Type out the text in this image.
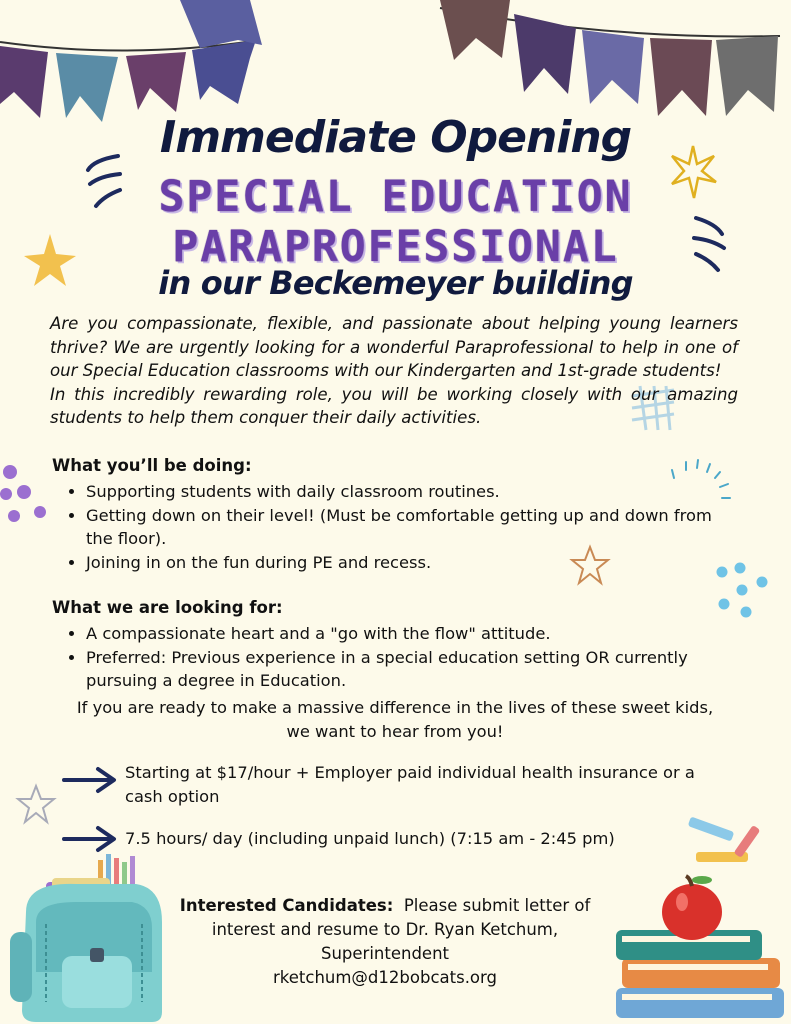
Immediate Opening
SPECIAL EDUCATION
PARAPROFESSIONAL
in our Beckemeyer building

Are you compassionate, flexible, and passionate about helping young learners thrive? We are urgently looking for a wonderful Paraprofessional to help in one of our Special Education classrooms with our Kindergarten and 1st-grade students!

In this incredibly rewarding role, you will be working closely with our amazing students to help them conquer their daily activities.

What you’ll be doing:
• Supporting students with daily classroom routines.
• Getting down on their level! (Must be comfortable getting up and down from the floor).
• Joining in on the fun during PE and recess.
What we are looking for:
• A compassionate heart and a "go with the flow" attitude.
• Preferred: Previous experience in a special education setting OR currently pursuing a degree in Education.
If you are ready to make a massive difference in the lives of these sweet kids,
we want to hear from you!
Starting at $17/hour + Employer paid individual health insurance or a cash option
7.5 hours/ day (including unpaid lunch) (7:15 am - 2:45 pm)
Interested Candidates: Please submit letter of interest and resume to Dr. Ryan Ketchum, Superintendent
rketchum@d12bobcats.org
